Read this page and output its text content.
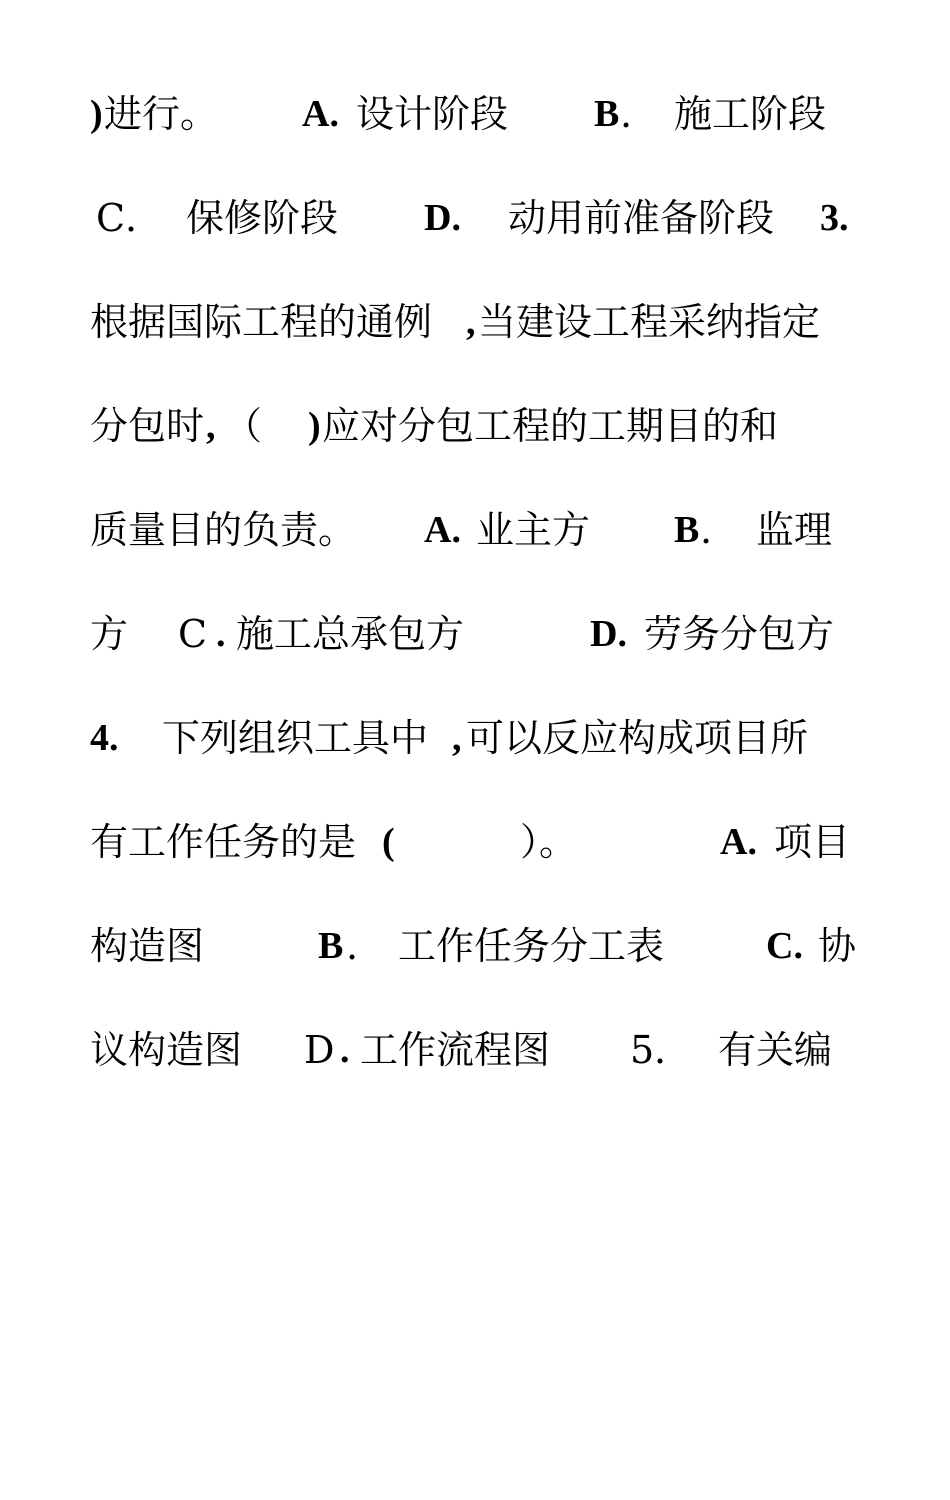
)

进行。

A.

设计阶段

B

.

施工阶段

C．

保修阶段

D.

动用前准备阶段

3.

根据国际工程的通例

,

当建设工程采纳指定

分包时

,

（

)

应对分包工程的工期目的和

质量目的负责。

A.

业主方

B

.

监理

方

C

.

施工总承包方

	D.

劳务分包方

4.

下列组织工具中

,

可以反应构成项目所

有工作任务的是

(

	）。

	A.

项目

构造图

	B

.

工作任务分工表

	C.

协

议构造图

D

.

工作流程图

5．

有关编
